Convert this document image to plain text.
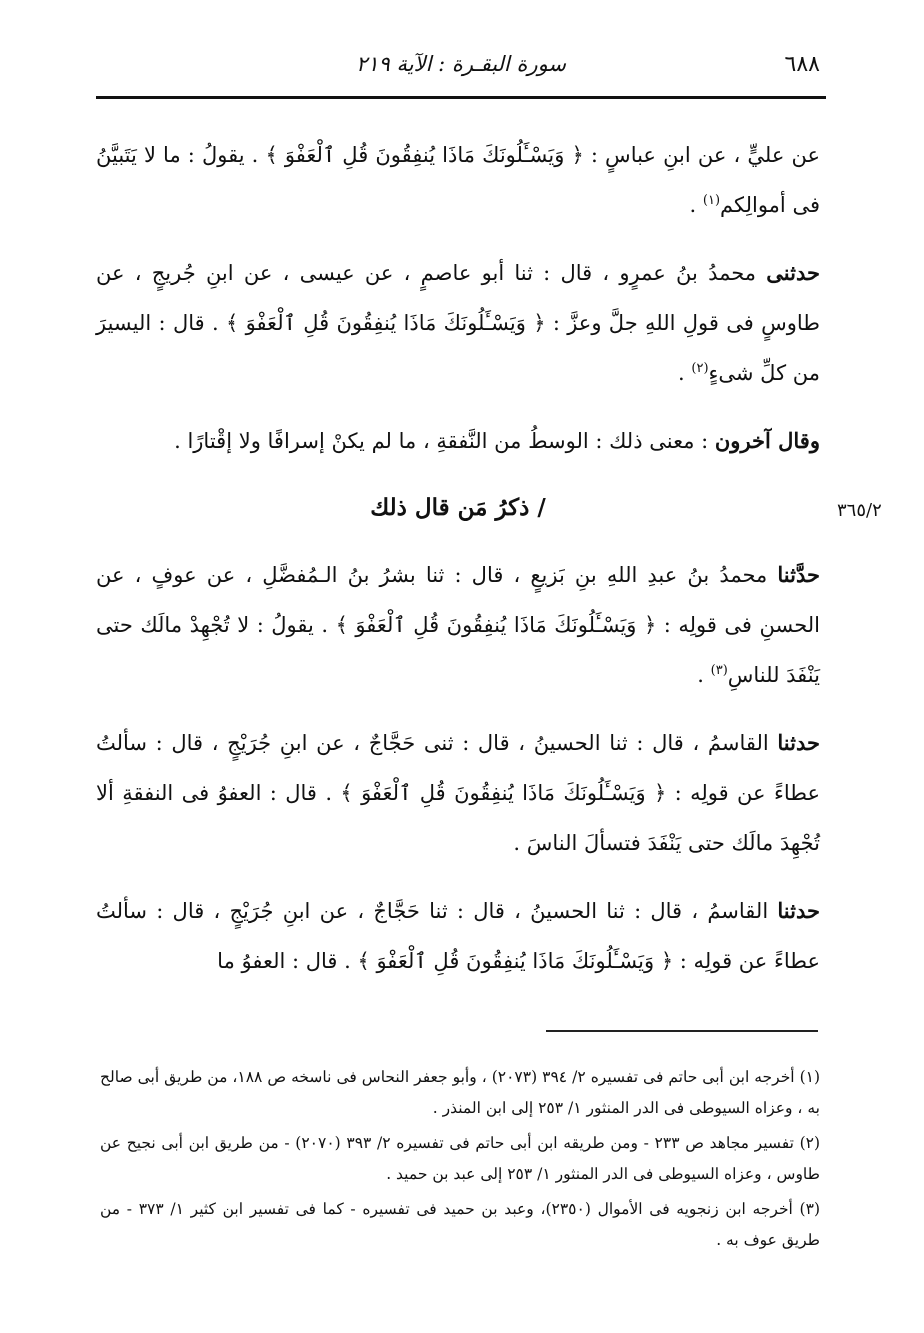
٦٨٨
سورة البقـرة : الآية ٢١٩
٣٦٥/٢

عن عليٍّ ، عن ابنِ عباسٍ : ﴿ وَيَسْـَٔلُونَكَ مَاذَا يُنفِقُونَ قُلِ ٱلْعَفْوَ ﴾ . يقولُ : ما لا يَتَبيَّنُ فى أموالِكم$^{(١)}$ .

حدثنى محمدُ بنُ عمرٍو ، قال : ثنا أبو عاصمٍ ، عن عيسى ، عن ابنِ جُريجٍ ، عن طاوسٍ فى قولِ اللهِ جلَّ وعزَّ : ﴿ وَيَسْـَٔلُونَكَ مَاذَا يُنفِقُونَ قُلِ ٱلْعَفْوَ ﴾ . قال : اليسيرَ من كلِّ شىءٍ$^{(٢)}$ .

وقال آخرون : معنى ذلك : الوسطُ من النَّفقةِ ، ما لم يكنْ إسرافًا ولا إقْتارًا .

/ ذكرُ مَن قال ذلك

حدَّثنا محمدُ بنُ عبدِ اللهِ بنِ بَزيعٍ ، قال : ثنا بشرُ بنُ الـمُفضَّلِ ، عن عوفٍ ، عن الحسنِ فى قولِه : ﴿ وَيَسْـَٔلُونَكَ مَاذَا يُنفِقُونَ قُلِ ٱلْعَفْوَ ﴾ . يقولُ : لا تُجْهِدْ مالَك حتى يَنْفَدَ للناسِ$^{(٣)}$ .

حدثنا القاسمُ ، قال : ثنا الحسينُ ، قال : ثنى حَجَّاجٌ ، عن ابنِ جُرَيْجٍ ، قال : سألتُ عطاءً عن قولِه : ﴿ وَيَسْـَٔلُونَكَ مَاذَا يُنفِقُونَ قُلِ ٱلْعَفْوَ ﴾ . قال : العفوُ فى النفقةِ ألا تُجْهِدَ مالَك حتى يَنْفَدَ فتسألَ الناسَ .

حدثنا القاسمُ ، قال : ثنا الحسينُ ، قال : ثنا حَجَّاجٌ ، عن ابنِ جُرَيْجٍ ، قال : سألتُ عطاءً عن قولِه : ﴿ وَيَسْـَٔلُونَكَ مَاذَا يُنفِقُونَ قُلِ ٱلْعَفْوَ ﴾ . قال : العفوُ ما

(١) أخرجه ابن أبى حاتم فى تفسيره ٢/ ٣٩٤ (٢٠٧٣) ، وأبو جعفر النحاس فى ناسخه ص ١٨٨، من طريق أبى صالح به ، وعزاه السيوطى فى الدر المنثور ١/ ٢٥٣ إلى ابن المنذر .

(٢) تفسير مجاهد ص ٢٣٣ - ومن طريقه ابن أبى حاتم فى تفسيره ٢/ ٣٩٣ (٢٠٧٠) - من طريق ابن أبى نجيح عن طاوس ، وعزاه السيوطى فى الدر المنثور ١/ ٢٥٣ إلى عبد بن حميد .

(٣) أخرجه ابن زنجويه فى الأموال (٢٣٥٠)، وعبد بن حميد فى تفسيره - كما فى تفسير ابن كثير ١/ ٣٧٣ - من طريق عوف به .
